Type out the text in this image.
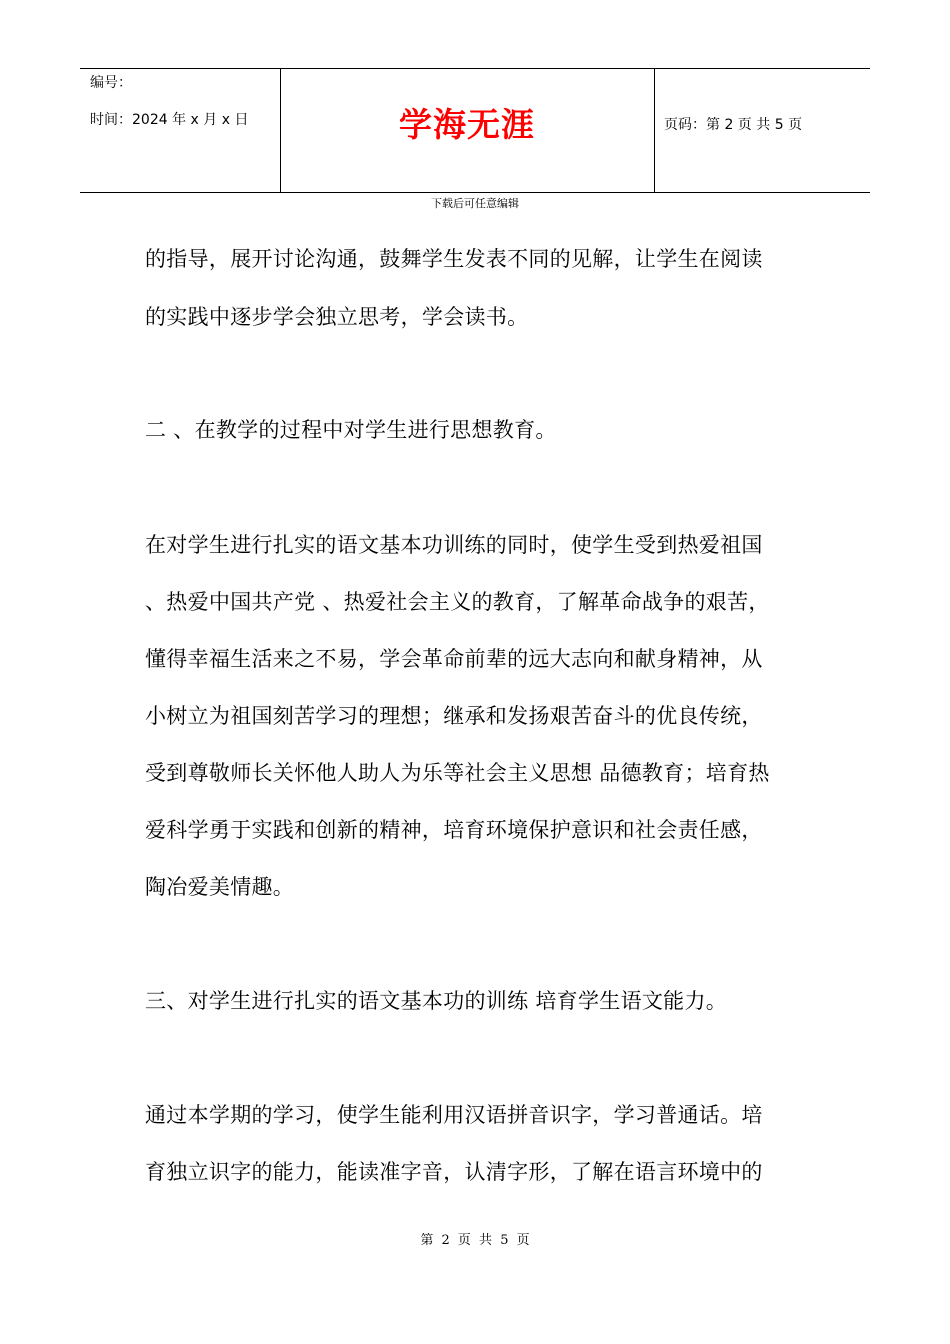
编号：
时间：2024 年 x 月 x 日	学海无涯	页码：第 2 页 共 5 页
下载后可任意编辑
的指导，展开讨论沟通，鼓舞学生发表不同的见解，让学生在阅读
的实践中逐步学会独立思考，学会读书。
二 、在教学的过程中对学生进行思想教育。
在对学生进行扎实的语文基本功训练的同时，使学生受到热爱祖国
、热爱中国共产党 、热爱社会主义的教育，了解革命战争的艰苦，
懂得幸福生活来之不易，学会革命前辈的远大志向和献身精神，从
小树立为祖国刻苦学习的理想；继承和发扬艰苦奋斗的优良传统，
受到尊敬师长关怀他人助人为乐等社会主义思想 品德教育；培育热
爱科学勇于实践和创新的精神，培育环境保护意识和社会责任感，
陶冶爱美情趣。
三、对学生进行扎实的语文基本功的训练 培育学生语文能力。
通过本学期的学习，使学生能利用汉语拼音识字，学习普通话。培
育独立识字的能力，能读准字音，认清字形，了解在语言环境中的
第 2 页 共 5 页
